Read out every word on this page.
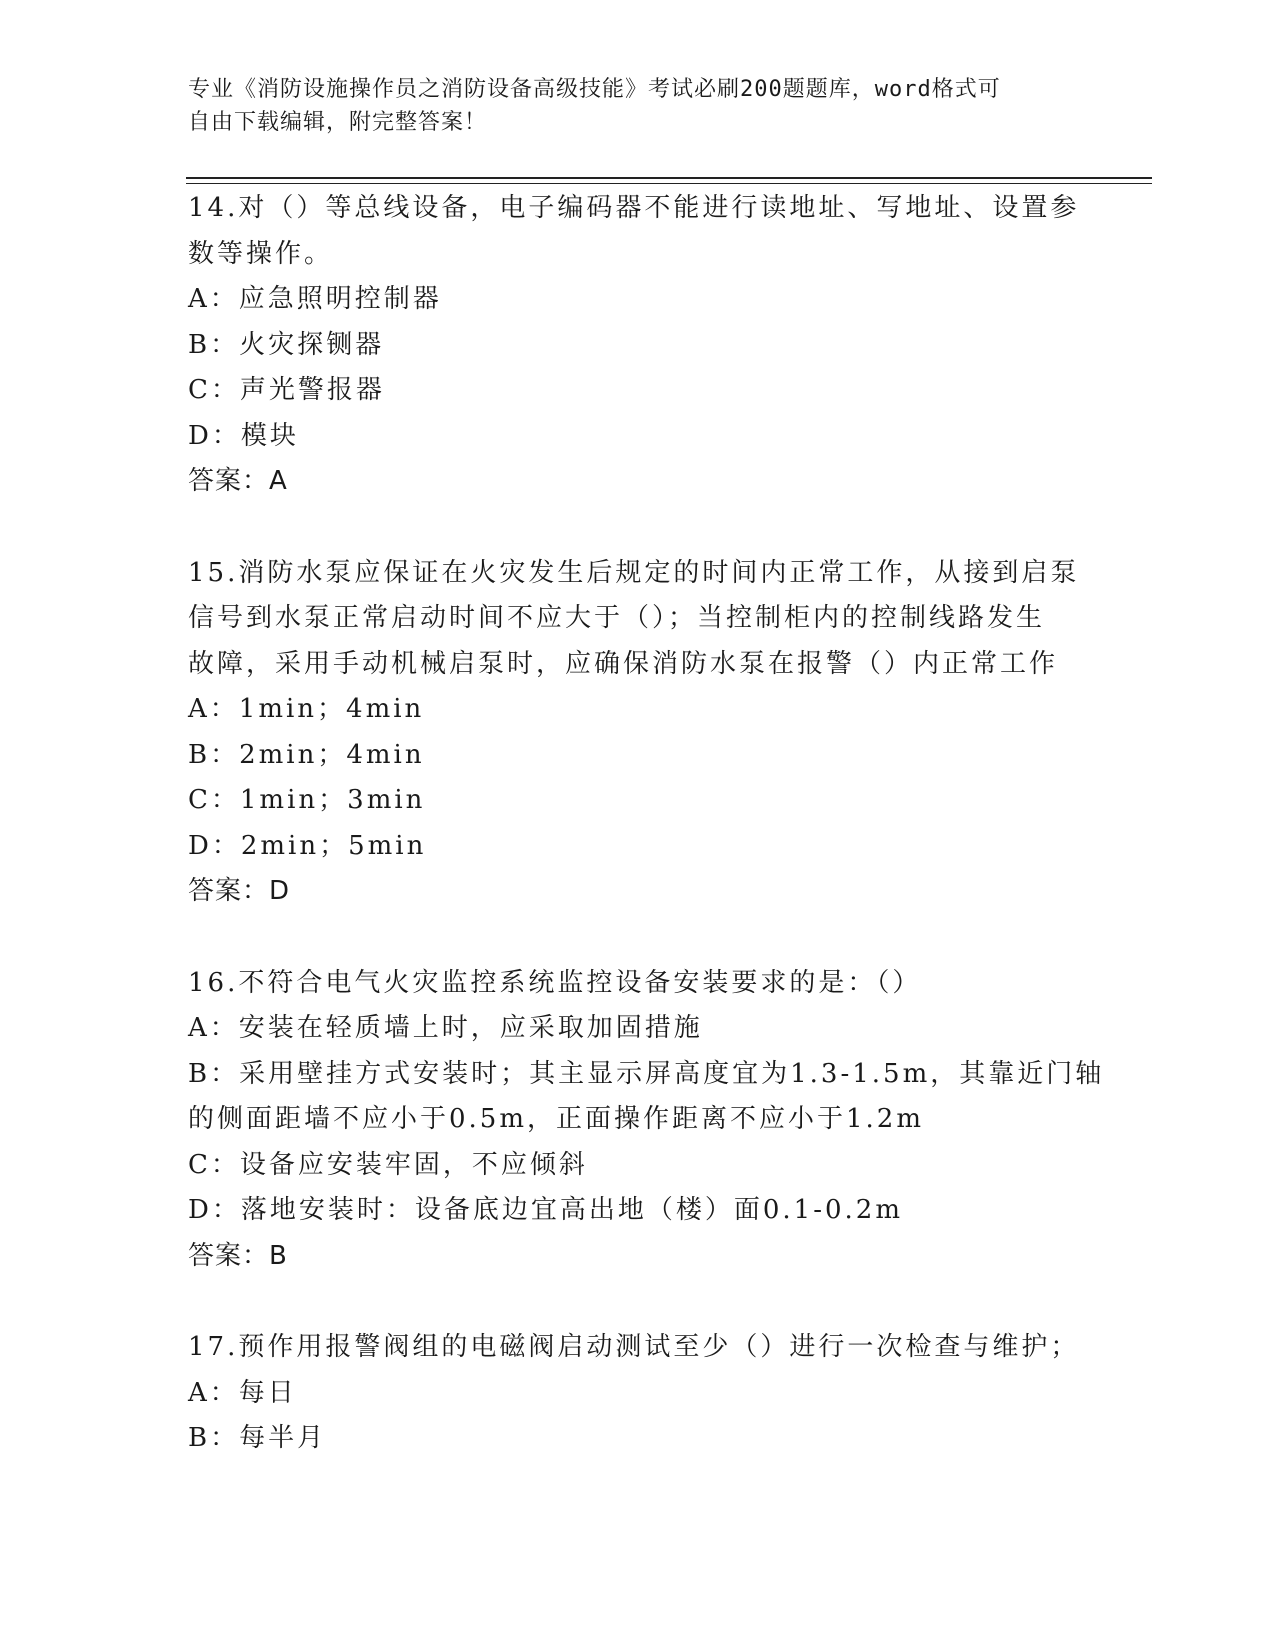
专业《消防设施操作员之消防设备高级技能》考试必刷200题题库，word格式可
自由下载编辑，附完整答案！
14.对（）等总线设备，电子编码器不能进行读地址、写地址、设置参
数等操作。
A：应急照明控制器
B：火灾探铡器
C：声光警报器
D：模块
答案：A
15.消防水泵应保证在火灾发生后规定的时间内正常工作，从接到启泵
信号到水泵正常启动时间不应大于（）；当控制柜内的控制线路发生
故障，采用手动机械启泵时，应确保消防水泵在报警（）内正常工作
A：1min；4min
B：2min；4min
C：1min；3min
D：2min；5min
答案：D
16.不符合电气火灾监控系统监控设备安装要求的是：（）
A：安装在轻质墙上时，应采取加固措施
B：采用壁挂方式安装时；其主显示屏高度宜为1.3-1.5m，其靠近门轴
的侧面距墙不应小于0.5m，正面操作距离不应小于1.2m
C：设备应安装牢固，不应倾斜
D：落地安装时：设备底边宜高出地（楼）面0.1-0.2m
答案：B
17.预作用报警阀组的电磁阀启动测试至少（）进行一次检查与维护；
A：每日
B：每半月
